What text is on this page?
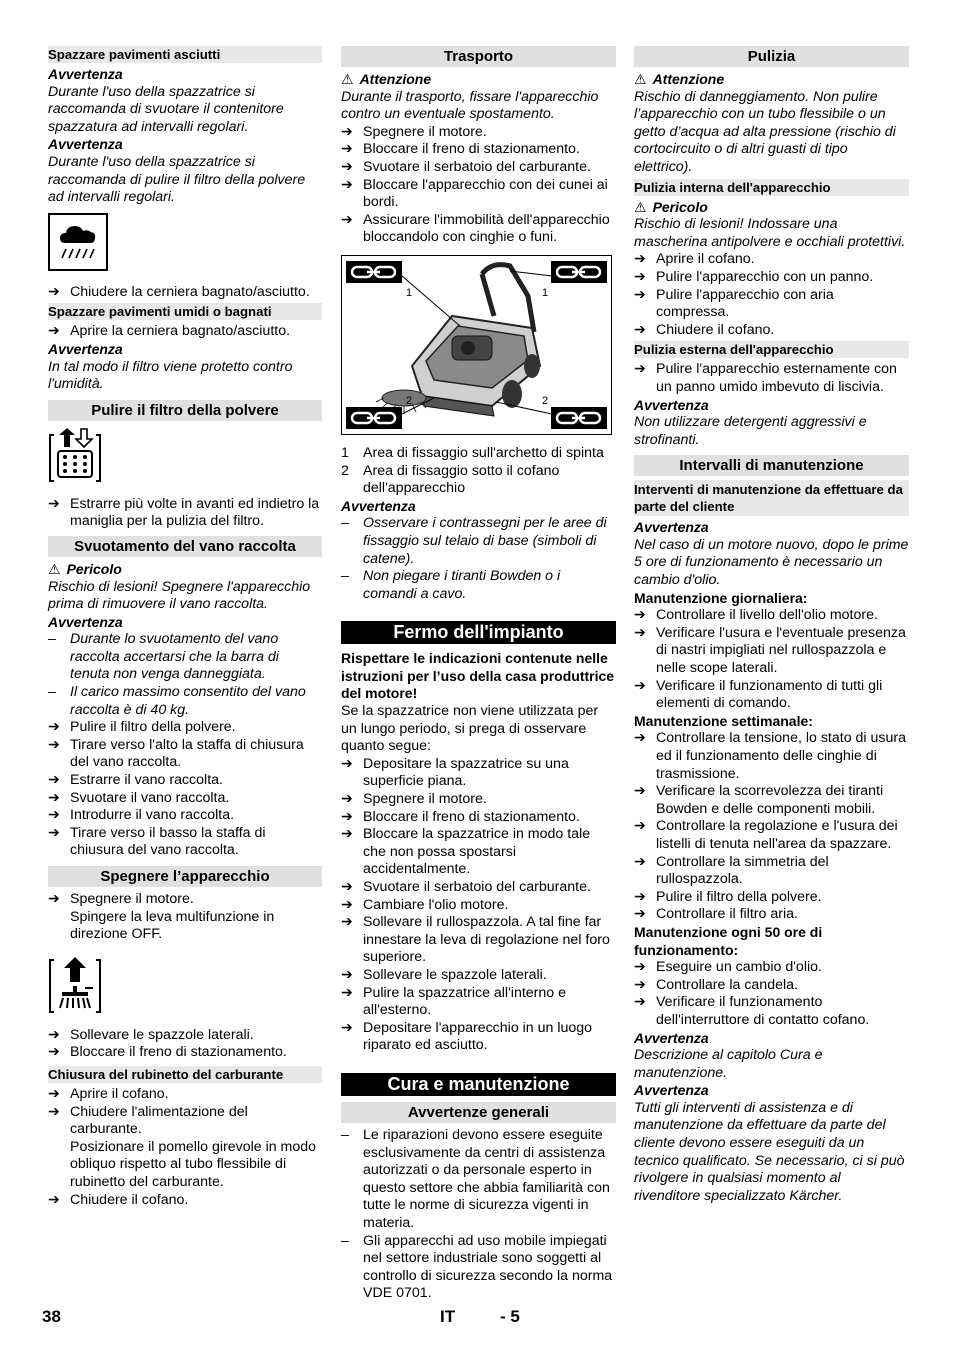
Spazzare pavimenti asciutti
Avvertenza

Durante l'uso della spazzatrice si raccomanda di svuotare il contenitore spazzatura ad intervalli regolari.

Avvertenza

Durante l'uso della spazzatrice si raccomanda di pulire il filtro della polvere ad intervalli regolari.

➔ Chiudere la cerniera bagnato/asciutto.
Spazzare pavimenti umidi o bagnati
➔ Aprire la cerniera bagnato/asciutto.
Avvertenza

In tal modo il filtro viene protetto contro l'umidità.

Pulire il filtro della polvere
➔ Estrarre più volte in avanti ed indietro la maniglia per la pulizia del filtro.
Svuotamento del vano raccolta
⚠ Pericolo

Rischio di lesioni! Spegnere l'apparecchio prima di rimuovere il vano raccolta.

Avvertenza
– Durante lo svuotamento del vano raccolta accertarsi che la barra di tenuta non venga danneggiata.
– Il carico massimo consentito del vano raccolta è di 40 kg.
➔ Pulire il filtro della polvere.
➔ Tirare verso l'alto la staffa di chiusura del vano raccolta.
➔ Estrarre il vano raccolta.
➔ Svuotare il vano raccolta.
➔ Introdurre il vano raccolta.
➔ Tirare verso il basso la staffa di chiusura del vano raccolta.
Spegnere l’apparecchio
➔ Spegnere il motore.
Spingere la leva multifunzione in direzione OFF.
➔ Sollevare le spazzole laterali.
➔ Bloccare il freno di stazionamento.
Chiusura del rubinetto del carburante
➔ Aprire il cofano.
➔ Chiudere l'alimentazione del carburante.
Posizionare il pomello girevole in modo obliquo rispetto al tubo flessibile di rubinetto del carburante.
➔ Chiudere il cofano.
Trasporto
⚠ Attenzione

Durante il trasporto, fissare l'apparecchio contro un eventuale spostamento.

➔ Spegnere il motore.
➔ Bloccare il freno di stazionamento.
➔ Svuotare il serbatoio del carburante.
➔ Bloccare l'apparecchio con dei cunei ai bordi.
➔ Assicurare l'immobilità dell'apparecchio bloccandolo con cinghie o funi.
1	1
2	2
1 Area di fissaggio sull'archetto di spinta
2 Area di fissaggio sotto il cofano dell'apparecchio
Avvertenza
– Osservare i contrassegni per le aree di fissaggio sul telaio di base (simboli di catene).
– Non piegare i tiranti Bowden o i comandi a cavo.
Fermo dell'impianto

Rispettare le indicazioni contenute nelle istruzioni per l’uso della casa produttrice del motore!

Se la spazzatrice non viene utilizzata per un lungo periodo, si prega di osservare quanto segue:

➔ Depositare la spazzatrice su una superficie piana.
➔ Spegnere il motore.
➔ Bloccare il freno di stazionamento.
➔ Bloccare la spazzatrice in modo tale che non possa spostarsi accidentalmente.
➔ Svuotare il serbatoio del carburante.
➔ Cambiare l'olio motore.
➔ Sollevare il rullospazzola. A tal fine far innestare la leva di regolazione nel foro superiore.
➔ Sollevare le spazzole laterali.
➔ Pulire la spazzatrice all'interno e all'esterno.
➔ Depositare l'apparecchio in un luogo riparato ed asciutto.
Cura e manutenzione
Avvertenze generali
– Le riparazioni devono essere eseguite esclusivamente da centri di assistenza autorizzati o da personale esperto in questo settore che abbia familiarità con tutte le norme di sicurezza vigenti in materia.
– Gli apparecchi ad uso mobile impiegati nel settore industriale sono soggetti al controllo di sicurezza secondo la norma VDE 0701.
Pulizia
⚠ Attenzione

Rischio di danneggiamento. Non pulire l’apparecchio con un tubo flessibile o un getto d’acqua ad alta pressione (rischio di cortocircuito o di altri guasti di tipo elettrico).

Pulizia interna dell'apparecchio
⚠ Pericolo

Rischio di lesioni! Indossare una mascherina antipolvere e occhiali protettivi.

➔ Aprire il cofano.
➔ Pulire l'apparecchio con un panno.
➔ Pulire l'apparecchio con aria compressa.
➔ Chiudere il cofano.
Pulizia esterna dell'apparecchio
➔ Pulire l'apparecchio esternamente con un panno umido imbevuto di liscivia.
Avvertenza

Non utilizzare detergenti aggressivi e strofinanti.

Intervalli di manutenzione
Interventi di manutenzione da effettuare da parte del cliente
Avvertenza

Nel caso di un motore nuovo, dopo le prime 5 ore di funzionamento è necessario un cambio d'olio.

Manutenzione giornaliera:
➔ Controllare il livello dell'olio motore.
➔ Verificare l'usura e l'eventuale presenza di nastri impigliati nel rullospazzola e nelle scope laterali.
➔ Verificare il funzionamento di tutti gli elementi di comando.
Manutenzione settimanale:
➔ Controllare la tensione, lo stato di usura ed il funzionamento delle cinghie di trasmissione.
➔ Verificare la scorrevolezza dei tiranti Bowden e delle componenti mobili.
➔ Controllare la regolazione e l'usura dei listelli di tenuta nell'area da spazzare.
➔ Controllare la simmetria del rullospazzola.
➔ Pulire il filtro della polvere.
➔ Controllare il filtro aria.
Manutenzione ogni 50 ore di funzionamento:
➔ Eseguire un cambio d'olio.
➔ Controllare la candela.
➔ Verificare il funzionamento dell'interruttore di contatto cofano.
Avvertenza

Descrizione al capitolo Cura e manutenzione.

Avvertenza

Tutti gli interventi di assistenza e di manutenzione da effettuare da parte del cliente devono essere eseguiti da un tecnico qualificato. Se necessario, ci si può rivolgere in qualsiasi momento al rivenditore specializzato Kärcher.

38	IT	- 5
